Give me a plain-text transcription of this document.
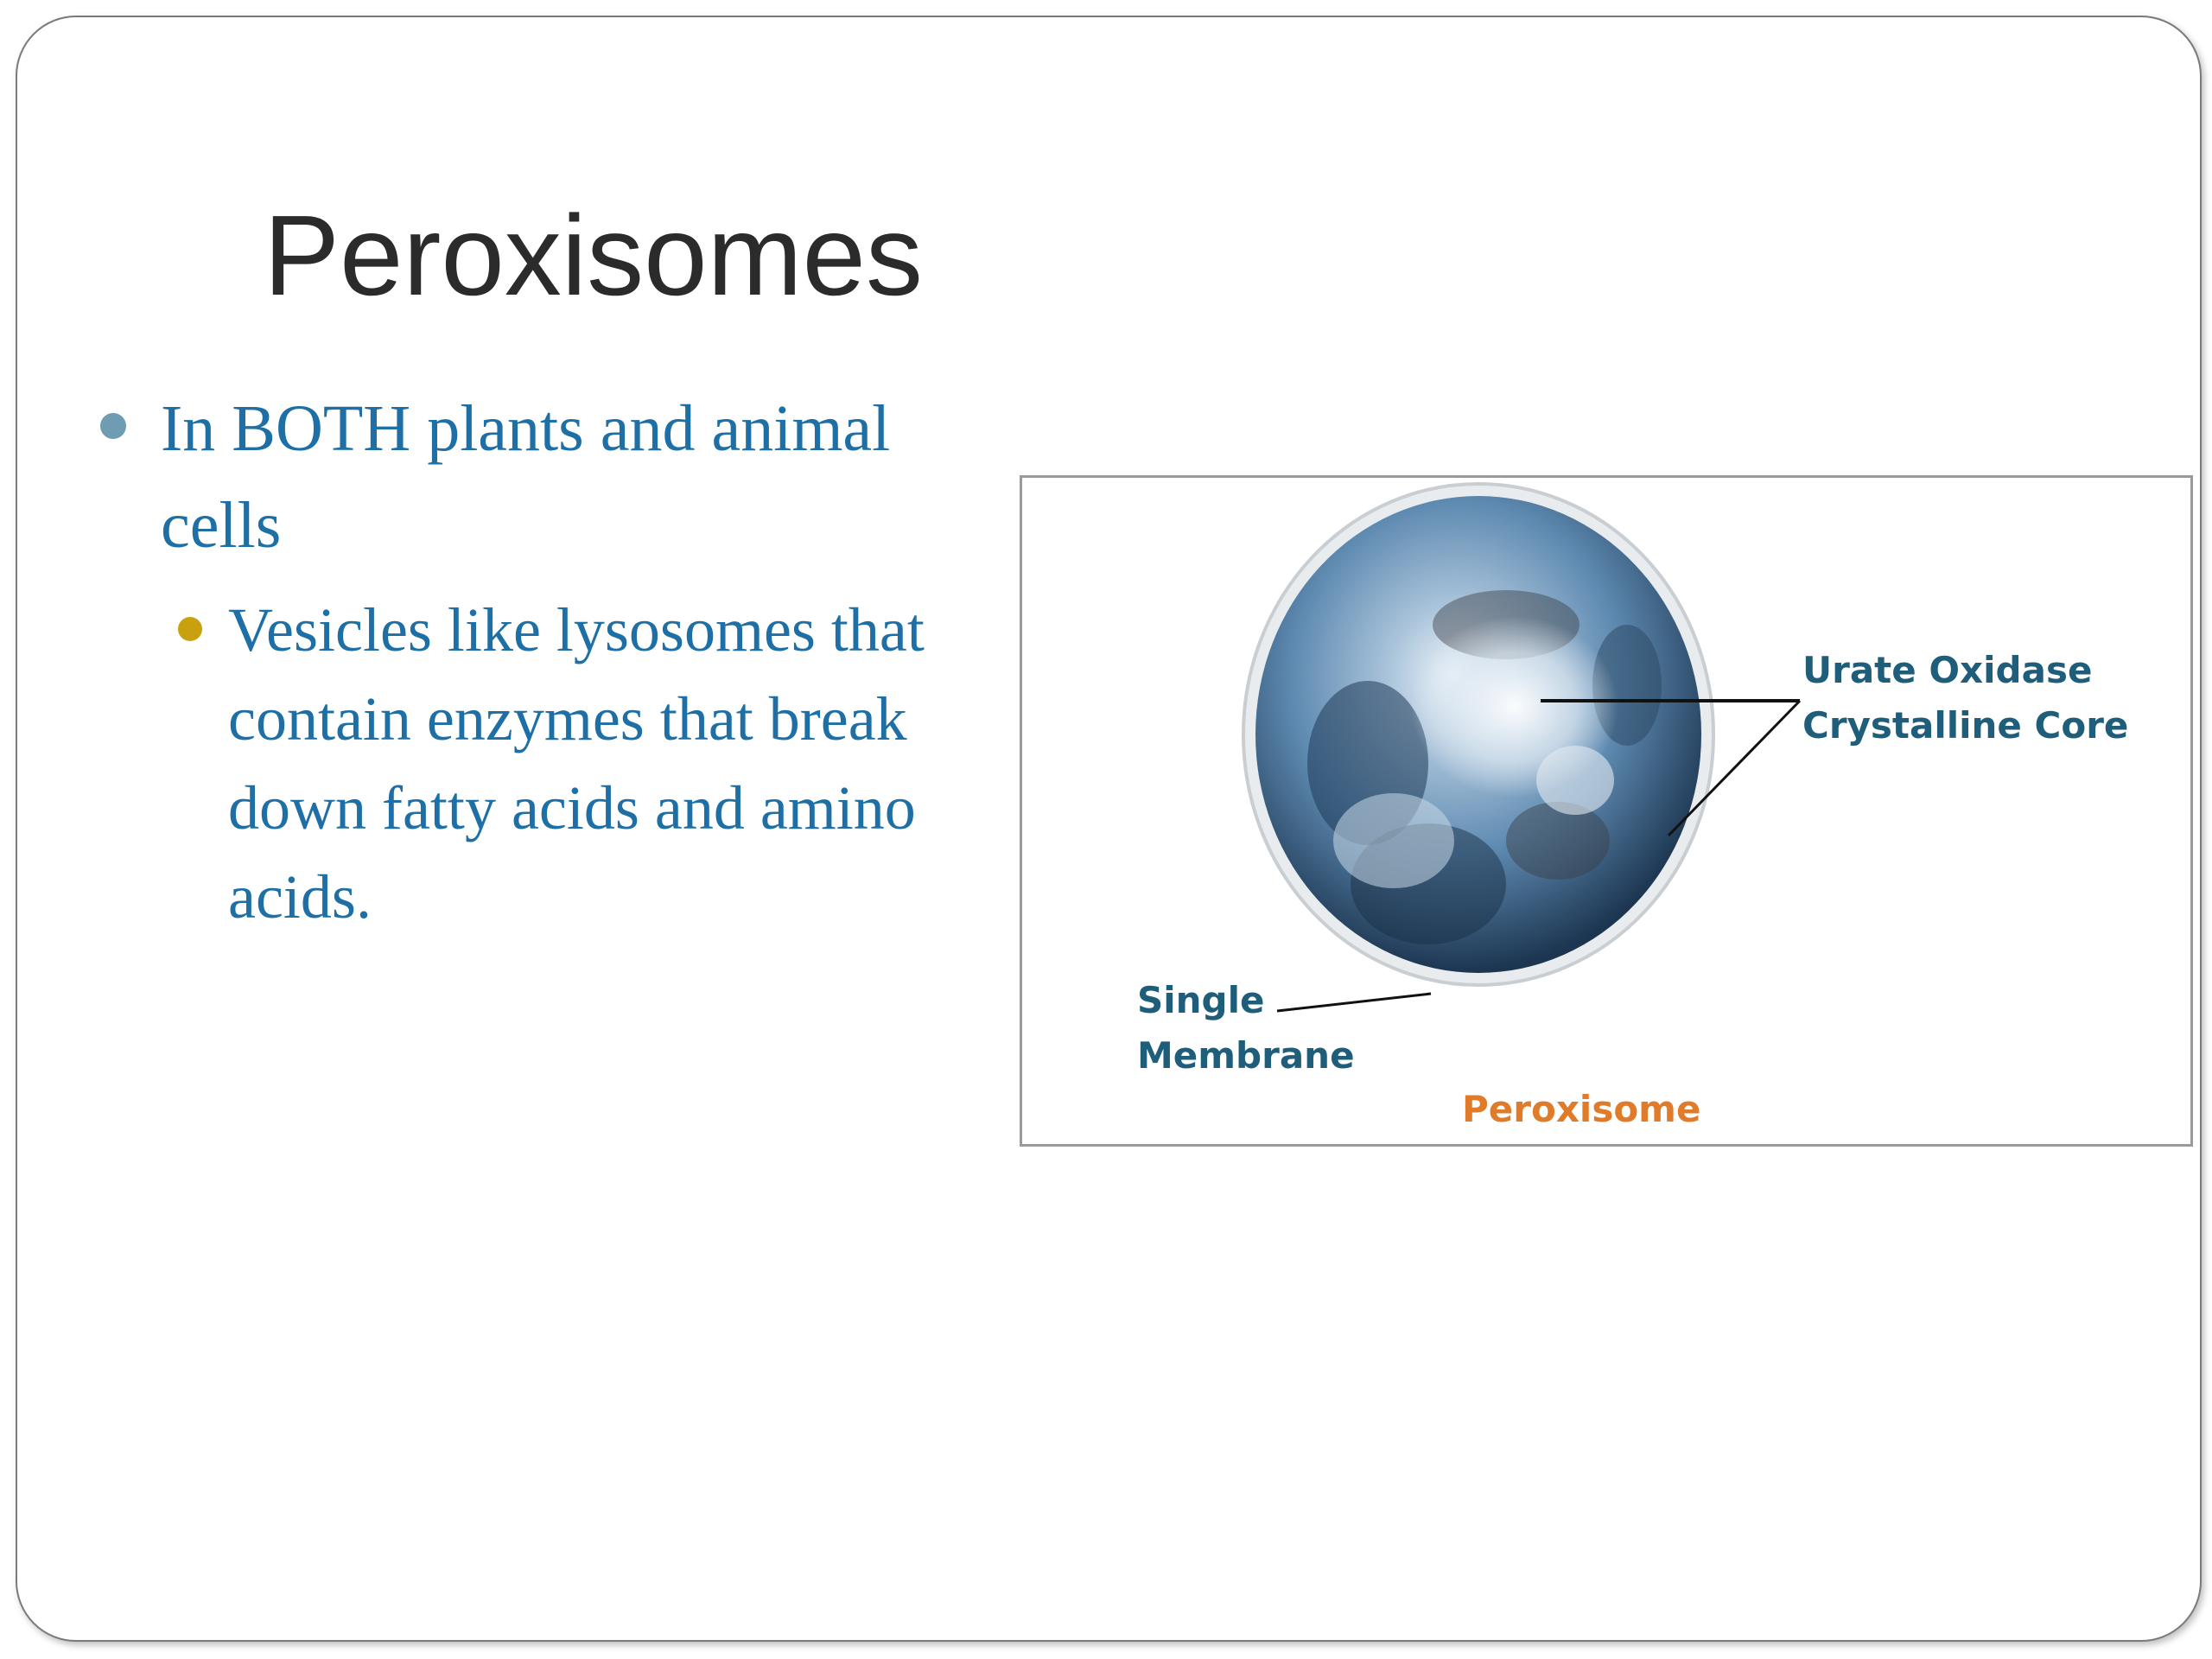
Peroxisomes
In BOTH plants and animal cells
Vesicles like lysosomes that contain enzymes that break down fatty acids and amino acids.
Urate Oxidase
Crystalline Core
Single
Membrane
Peroxisome
